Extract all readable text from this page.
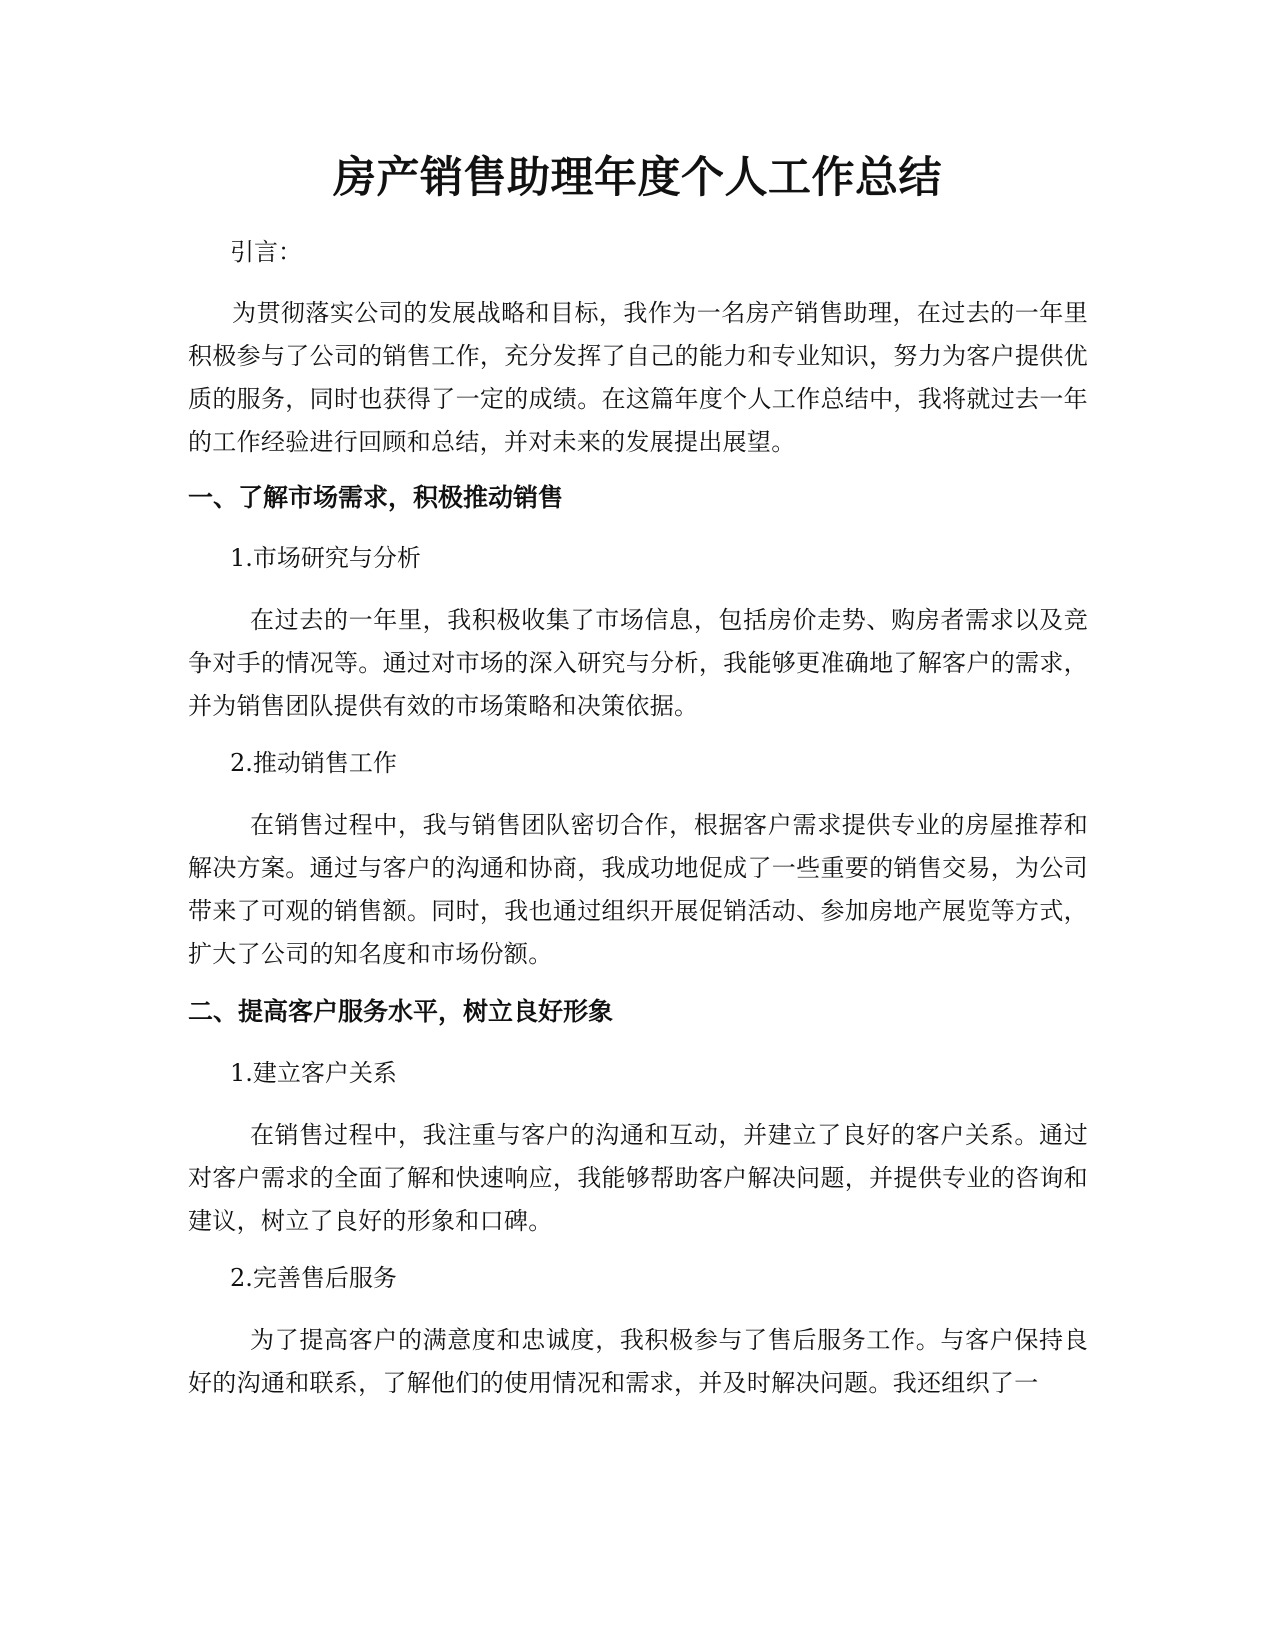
房产销售助理年度个人工作总结

引言：

为贯彻落实公司的发展战略和目标，我作为一名房产销售助理，在过去的一年里积极参与了公司的销售工作，充分发挥了自己的能力和专业知识，努力为客户提供优质的服务，同时也获得了一定的成绩。在这篇年度个人工作总结中，我将就过去一年的工作经验进行回顾和总结，并对未来的发展提出展望。

一、了解市场需求，积极推动销售

1.市场研究与分析

在过去的一年里，我积极收集了市场信息，包括房价走势、购房者需求以及竞争对手的情况等。通过对市场的深入研究与分析，我能够更准确地了解客户的需求，并为销售团队提供有效的市场策略和决策依据。

2.推动销售工作

在销售过程中，我与销售团队密切合作，根据客户需求提供专业的房屋推荐和解决方案。通过与客户的沟通和协商，我成功地促成了一些重要的销售交易，为公司带来了可观的销售额。同时，我也通过组织开展促销活动、参加房地产展览等方式，扩大了公司的知名度和市场份额。

二、提高客户服务水平，树立良好形象

1.建立客户关系

在销售过程中，我注重与客户的沟通和互动，并建立了良好的客户关系。通过对客户需求的全面了解和快速响应，我能够帮助客户解决问题，并提供专业的咨询和建议，树立了良好的形象和口碑。

2.完善售后服务

为了提高客户的满意度和忠诚度，我积极参与了售后服务工作。与客户保持良好的沟通和联系，了解他们的使用情况和需求，并及时解决问题。我还组织了一
